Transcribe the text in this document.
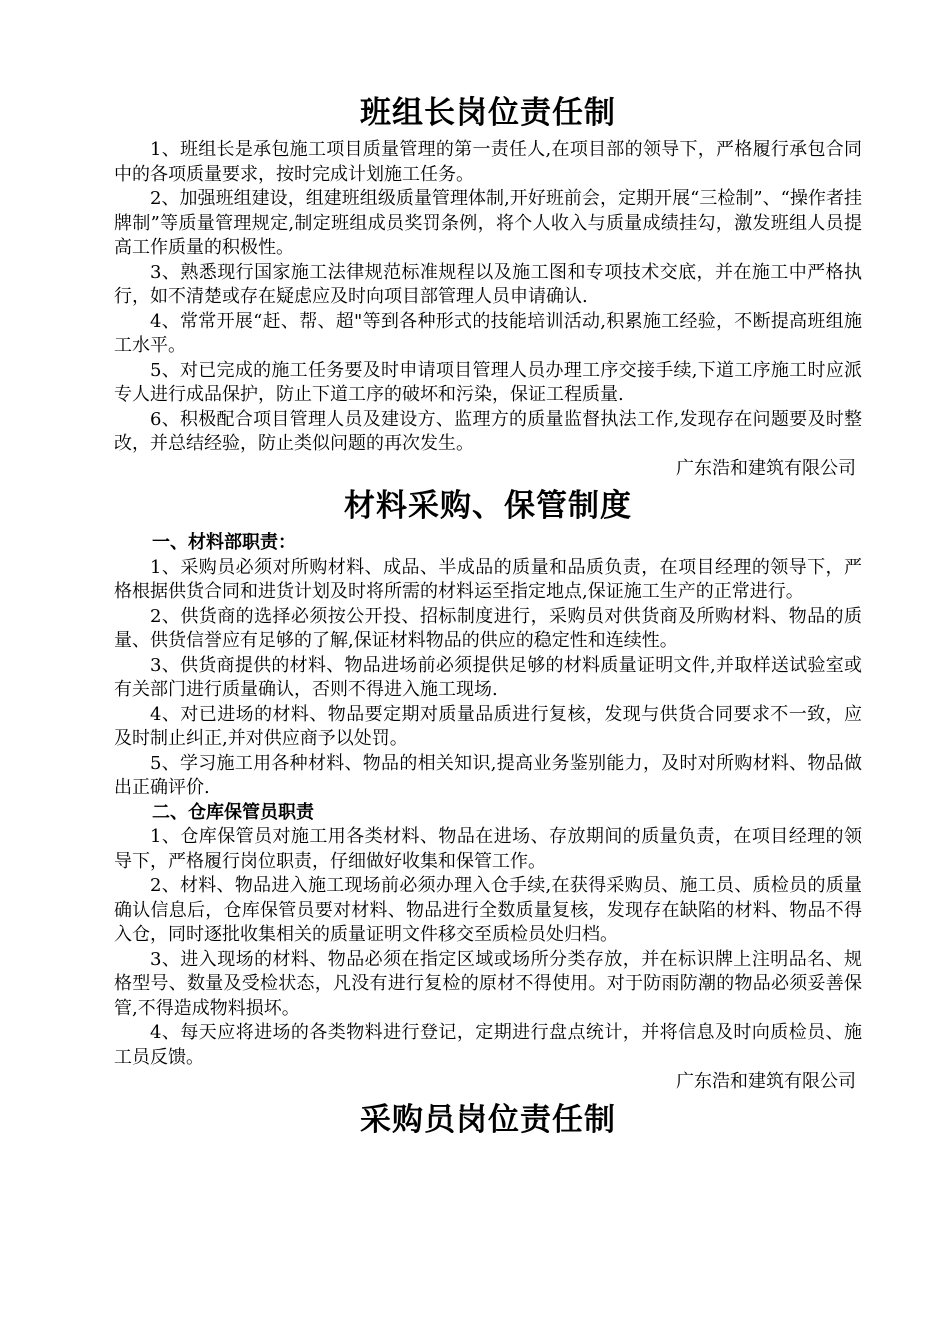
班组长岗位责任制

1、班组长是承包施工项目质量管理的第一责任人,在项目部的领导下，严格履行承包合同中的各项质量要求，按时完成计划施工任务。

2、加强班组建设，组建班组级质量管理体制,开好班前会，定期开展“三检制”、“操作者挂牌制”等质量管理规定,制定班组成员奖罚条例，将个人收入与质量成绩挂勾，激发班组人员提高工作质量的积极性。

3、熟悉现行国家施工法律规范标准规程以及施工图和专项技术交底，并在施工中严格执行，如不清楚或存在疑虑应及时向项目部管理人员申请确认.

4、常常开展“赶、帮、超"等到各种形式的技能培训活动,积累施工经验，不断提高班组施工水平。

5、对已完成的施工任务要及时申请项目管理人员办理工序交接手续,下道工序施工时应派专人进行成品保护，防止下道工序的破坏和污染，保证工程质量.

6、积极配合项目管理人员及建设方、监理方的质量监督执法工作,发现存在问题要及时整改，并总结经验，防止类似问题的再次发生。

广东浩和建筑有限公司

材料采购、保管制度

一、材料部职责：

1、采购员必须对所购材料、成品、半成品的质量和品质负责，在项目经理的领导下，严格根据供货合同和进货计划及时将所需的材料运至指定地点,保证施工生产的正常进行。

2、供货商的选择必须按公开投、招标制度进行，采购员对供货商及所购材料、物品的质量、供货信誉应有足够的了解,保证材料物品的供应的稳定性和连续性。

3、供货商提供的材料、物品进场前必须提供足够的材料质量证明文件,并取样送试验室或有关部门进行质量确认，否则不得进入施工现场.

4、对已进场的材料、物品要定期对质量品质进行复核，发现与供货合同要求不一致，应及时制止纠正,并对供应商予以处罚。

5、学习施工用各种材料、物品的相关知识,提高业务鉴别能力，及时对所购材料、物品做出正确评价.

二、仓库保管员职责

1、仓库保管员对施工用各类材料、物品在进场、存放期间的质量负责，在项目经理的领导下，严格履行岗位职责，仔细做好收集和保管工作。

2、材料、物品进入施工现场前必须办理入仓手续,在获得采购员、施工员、质检员的质量确认信息后，仓库保管员要对材料、物品进行全数质量复核，发现存在缺陷的材料、物品不得入仓，同时逐批收集相关的质量证明文件移交至质检员处归档。

3、进入现场的材料、物品必须在指定区域或场所分类存放，并在标识牌上注明品名、规格型号、数量及受检状态，凡没有进行复检的原材不得使用。对于防雨防潮的物品必须妥善保管,不得造成物料损坏。

4、每天应将进场的各类物料进行登记，定期进行盘点统计，并将信息及时向质检员、施工员反馈。

广东浩和建筑有限公司

采购员岗位责任制
